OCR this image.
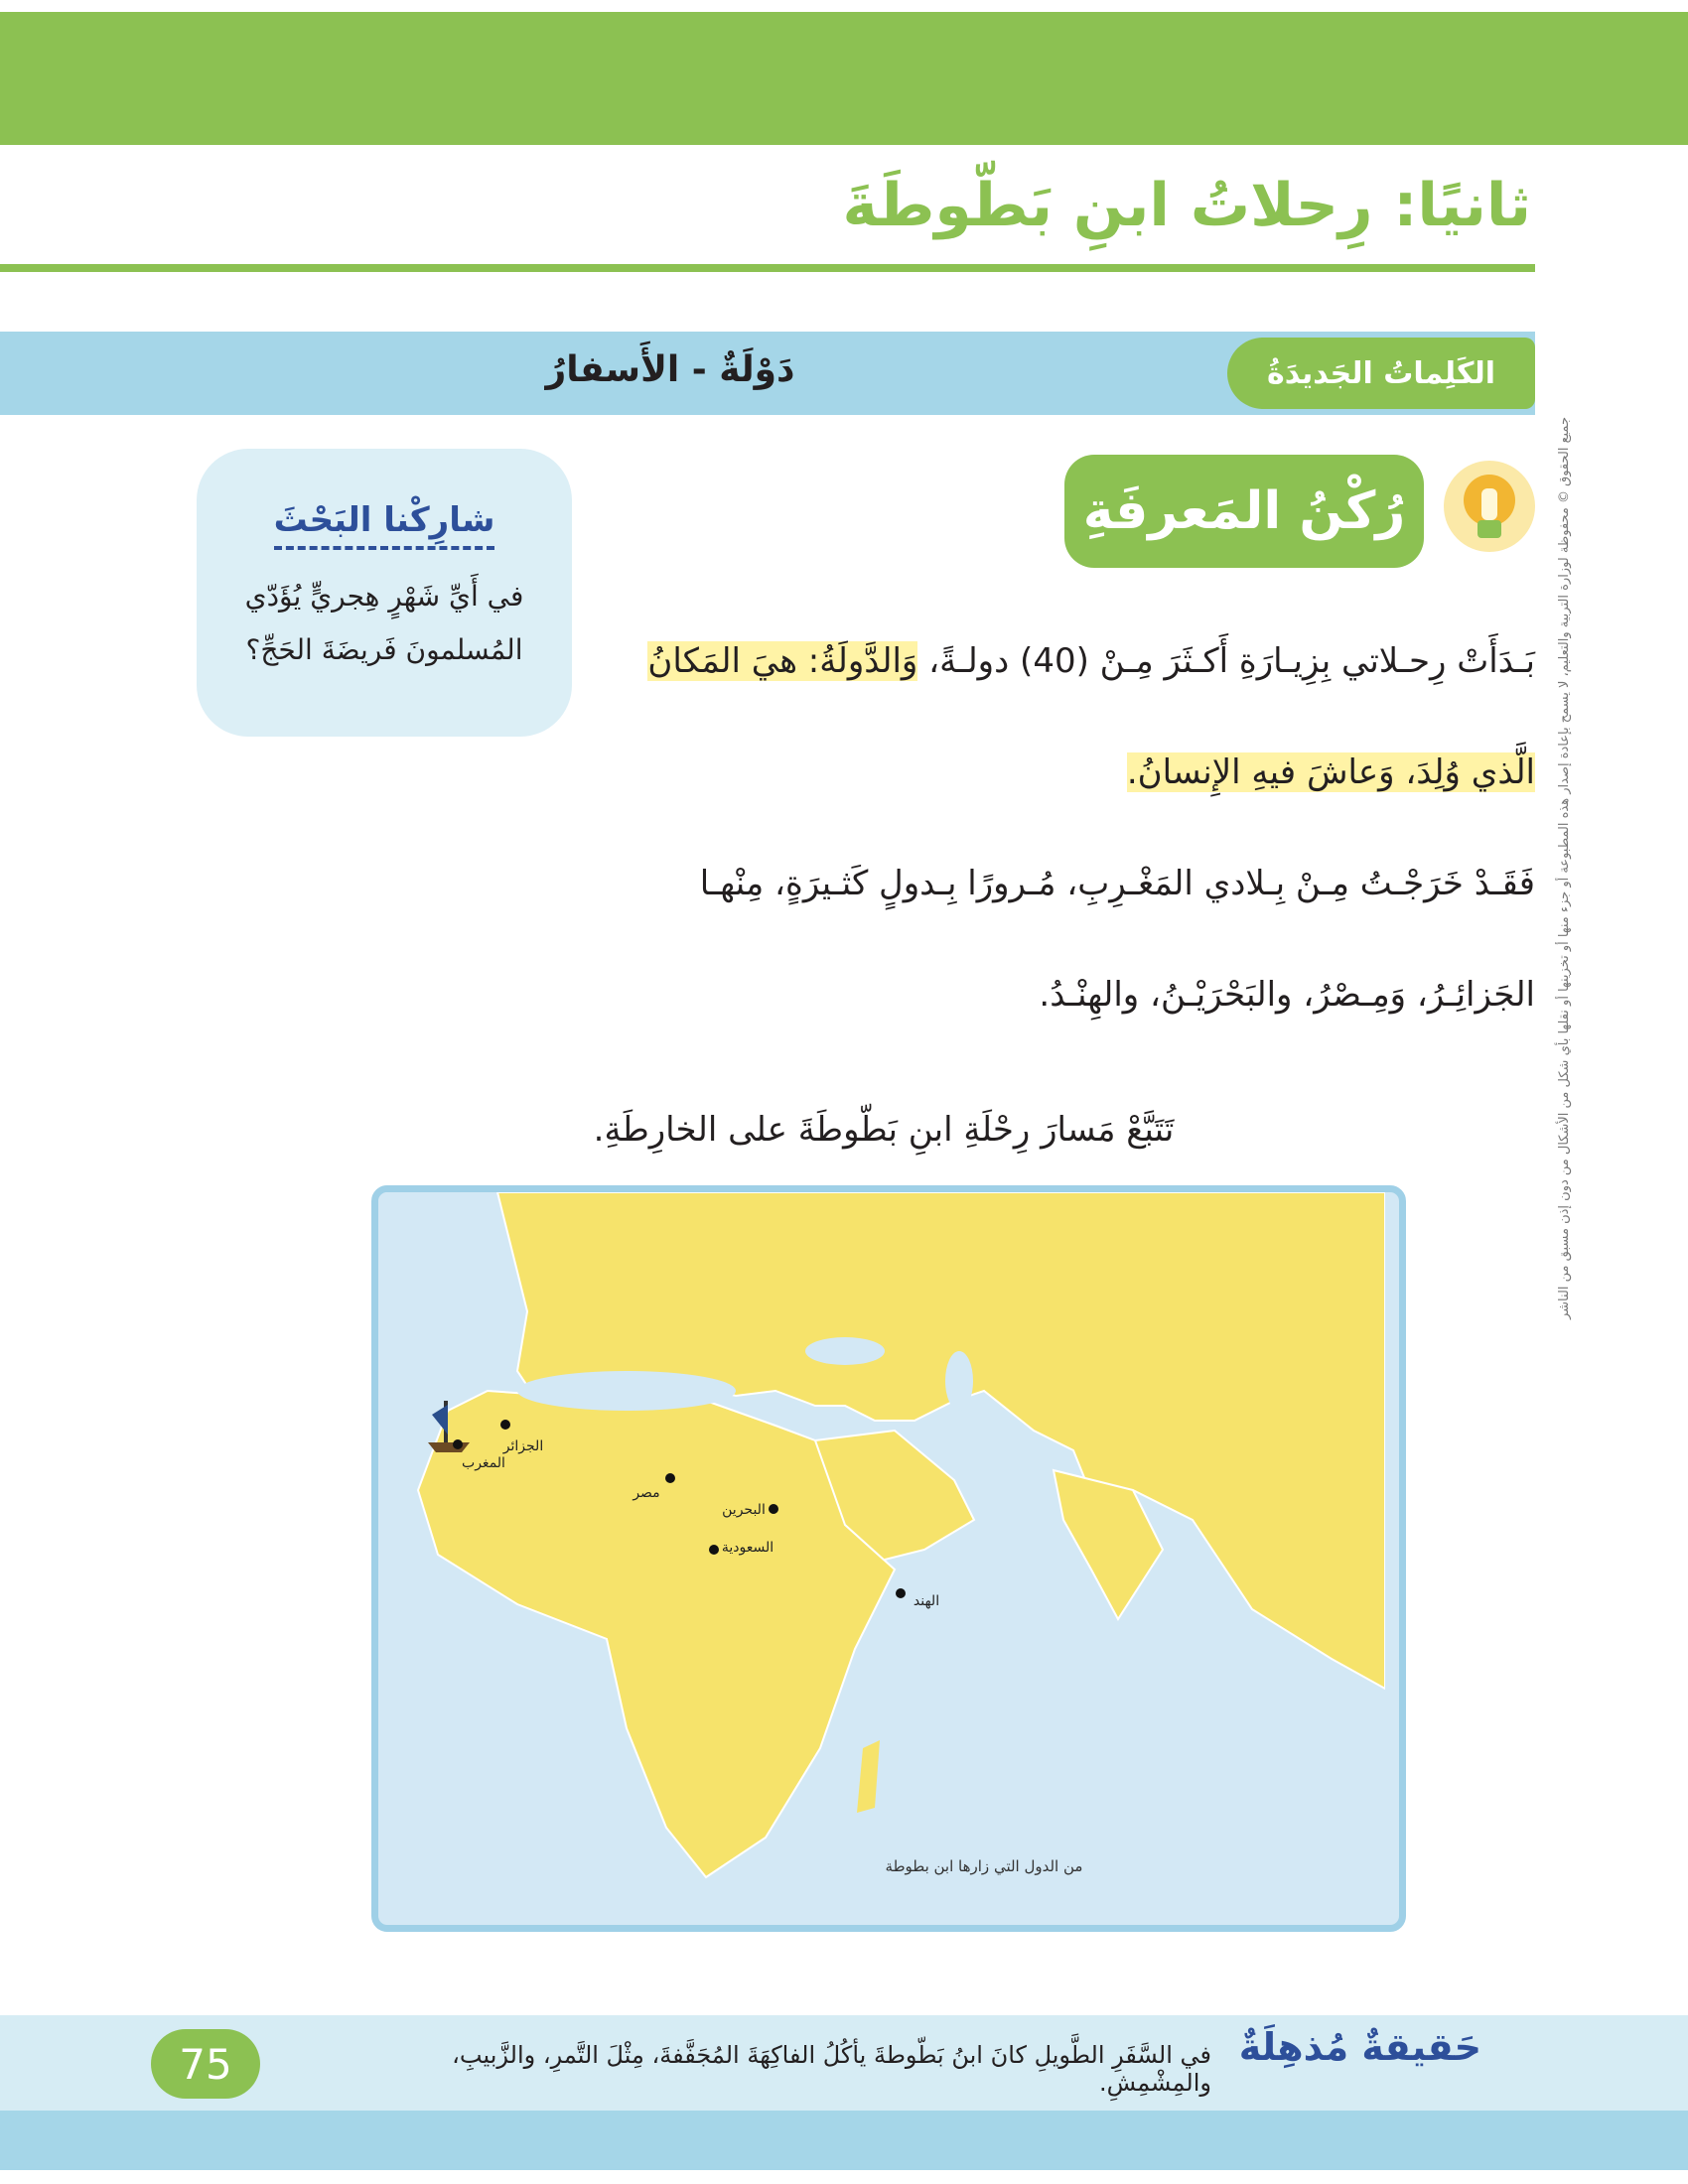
ثانيًا: رِحلاتُ ابنِ بَطّوطَةَ
الكَلِماتُ الجَديدَةُ
دَوْلَةٌ - الأَسفارُ
رُكْنُ المَعرفَةِ
شارِكْنا البَحْثَ

في أَيِّ شَهْرٍ هِجريٍّ يُؤَدّي المُسلمونَ فَريضَةَ الحَجِّ؟	بَـدَأَتْ رِحـلاتي بِزِيـارَةِ أَكـثَرَ مِـنْ (40) دولـةً، وَالدَّولَةُ: هيَ المَكانُ الَّذي وُلِدَ، وَعاشَ فيهِ الإِنسانُ.

فَقَـدْ خَرَجْـتُ مِـنْ بِـلادي المَغْـرِبِ، مُـرورًا بِـدولٍ كَثـيرَةٍ، مِنْهـا الجَزائِـرُ، وَمِـصْرُ، والبَحْرَيْـنُ، والهِنْـدُ.

تَتَبَّعْ مَسارَ رِحْلَةِ ابنِ بَطّوطَةَ على الخارِطَةِ.
المغرب
الجزائر
مصر
البحرين
السعودية
الهند
من الدول التي زارها ابن بطوطة
حَقيقةٌ مُذهِلَةٌ
في السَّفَرِ الطَّويلِ كانَ ابنُ بَطّوطةَ يأكُلُ الفاكِهَةَ المُجَفَّفةَ، مِثْلَ التَّمرِ، والزَّبيبِ، والمِشْمِشِ.
75
جميع الحقوق © محفوظة لوزارة التربية والتعليم، لا يسمح بإعادة إصدار هذه المطبوعة أو جزء منها أو تخزينها أو نقلها بأي شكل من الأشكال من دون إذن مسبق من الناشر
